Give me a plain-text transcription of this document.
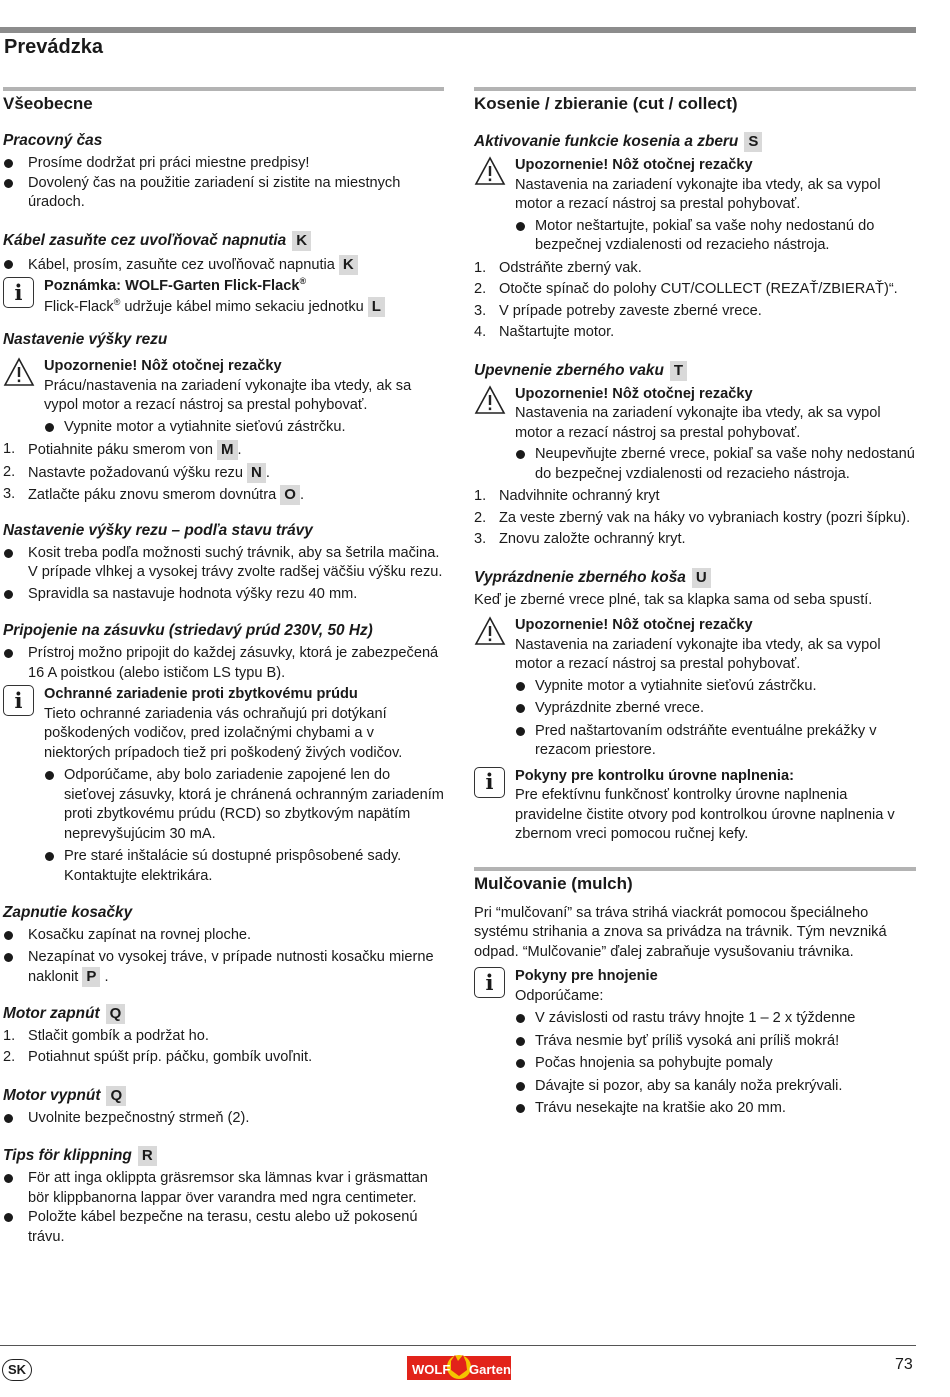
Prevádzka
Všeobecne
Pracovný čas
Prosíme dodržat pri práci miestne predpisy!
Dovolený čas na použitie zariadení si zistite na miestnych úradoch.
Kábel zasuňte cez uvoľňovač napnutia K
Kábel, prosím, zasuňte cez uvoľňovač napnutia K
i	Poznámka: WOLF-Garten Flick-Flack®
Flick-Flack® udržuje kábel mimo sekaciu jednotku L
Nastavenie výšky rezu
Upozornenie! Nôž otočnej rezačky
Prácu/nastavenia na zariadení vykonajte iba vtedy, ak sa vypol motor a rezací nástroj sa prestal pohybovať.
Vypnite motor a vytiahnite sieťovú zástrčku.
1. Potiahnite páku smerom von M .
2. Nastavte požadovanú výšku rezu N .
3. Zatlačte páku znovu smerom dovnútra O .
Nastavenie výšky rezu – podľa stavu trávy
Kosit treba podľa možnosti suchý trávnik, aby sa šetrila mačina. V prípade vlhkej a vysokej trávy zvolte radšej väčšiu výšku rezu.
Spravidla sa nastavuje hodnota výšky rezu 40 mm.
Pripojenie na zásuvku (striedavý prúd 230V, 50 Hz)
Prístroj možno pripojit do každej zásuvky, ktorá je zabezpečená 16 A poistkou (alebo ističom LS typu B).
i	Ochranné zariadenie proti zbytkovému prúdu
Tieto ochranné zariadenia vás ochraňujú pri dotýkaní poškodených vodičov, pred izolačnými chybami a v niektorých prípadoch tiež pri poškodený živých vodičov.
Odporúčame, aby bolo zariadenie zapojené len do sieťovej zásuvky, ktorá je chránená ochranným zariadením proti zbytkovému prúdu (RCD) so zbytkovým napätím neprevyšujúcim 30 mA.
Pre staré inštalácie sú dostupné prispôsobené sady. Kontaktujte elektrikára.
Zapnutie kosačky
Kosačku zapínat na rovnej ploche.
Nezapínat vo vysokej tráve, v prípade nutnosti kosačku mierne naklonit P .
Motor zapnút Q
1. Stlačit gombík a podržat ho.
2. Potiahnut spúšt príp. páčku, gombík uvoľnit.
Motor vypnút Q
Uvolnite bezpečnostný strmeň (2).
Tips för klippning R
För att inga oklippta gräsremsor ska lämnas kvar i gräsmattan bör klippbanorna lappar över varandra med ngra centimeter.
Položte kábel bezpečne na terasu, cestu alebo už pokosenú trávu.
Kosenie / zbieranie (cut / collect)
Aktivovanie funkcie kosenia a zberu S
Upozornenie! Nôž otočnej rezačky
Nastavenia na zariadení vykonajte iba vtedy, ak sa vypol motor a rezací nástroj sa prestal pohybovať.
Motor neštartujte, pokiaľ sa vaše nohy nedostanú do bezpečnej vzdialenosti od rezacieho nástroja.
1. Odstráňte zberný vak.
2. Otočte spínač do polohy CUT/COLLECT (REZAŤ/ZBIERAŤ)“.
3. V prípade potreby zaveste zberné vrece.
4. Naštartujte motor.
Upevnenie zberného vaku T
Upozornenie! Nôž otočnej rezačky
Nastavenia na zariadení vykonajte iba vtedy, ak sa vypol motor a rezací nástroj sa prestal pohybovať.
Neupevňujte zberné vrece, pokiaľ sa vaše nohy nedostanú do bezpečnej vzdialenosti od rezacieho nástroja.
1. Nadvihnite ochranný kryt
2. Za veste zberný vak na háky vo vybraniach kostry (pozri šípku).
3. Znovu založte ochranný kryt.
Vyprázdnenie zberného koša U
Keď je zberné vrece plné, tak sa klapka sama od seba spustí.
Upozornenie! Nôž otočnej rezačky
Nastavenia na zariadení vykonajte iba vtedy, ak sa vypol motor a rezací nástroj sa prestal pohybovať.
Vypnite motor a vytiahnite sieťovú zástrčku.
Vyprázdnite zberné vrece.
Pred naštartovaním odstráňte eventuálne prekážky v rezacom priestore.
i	Pokyny pre kontrolku úrovne naplnenia:
Pre efektívnu funkčnosť kontrolky úrovne naplnenia pravidelne čistite otvory pod kontrolkou úrovne naplnenia v zbernom vreci pomocou ručnej kefy.
Mulčovanie (mulch)
Pri “mulčovaní” sa tráva strihá viackrát pomocou špeciálneho systému strihania a znova sa privádza na trávnik. Tým nevzniká odpad. “Mulčovanie” ďalej zabraňuje vysušovaniu trávnika.
i	Pokyny pre hnojenie
Odporúčame:
V závislosti od rastu trávy hnojte 1 – 2 x týždenne
Tráva nesmie byť príliš vysoká ani príliš mokrá!
Počas hnojenia sa pohybujte pomaly
Dávajte si pozor, aby sa kanály noža prekrývali.
Trávu nesekajte na kratšie ako 20 mm.
SK	WOLF Garten	73
